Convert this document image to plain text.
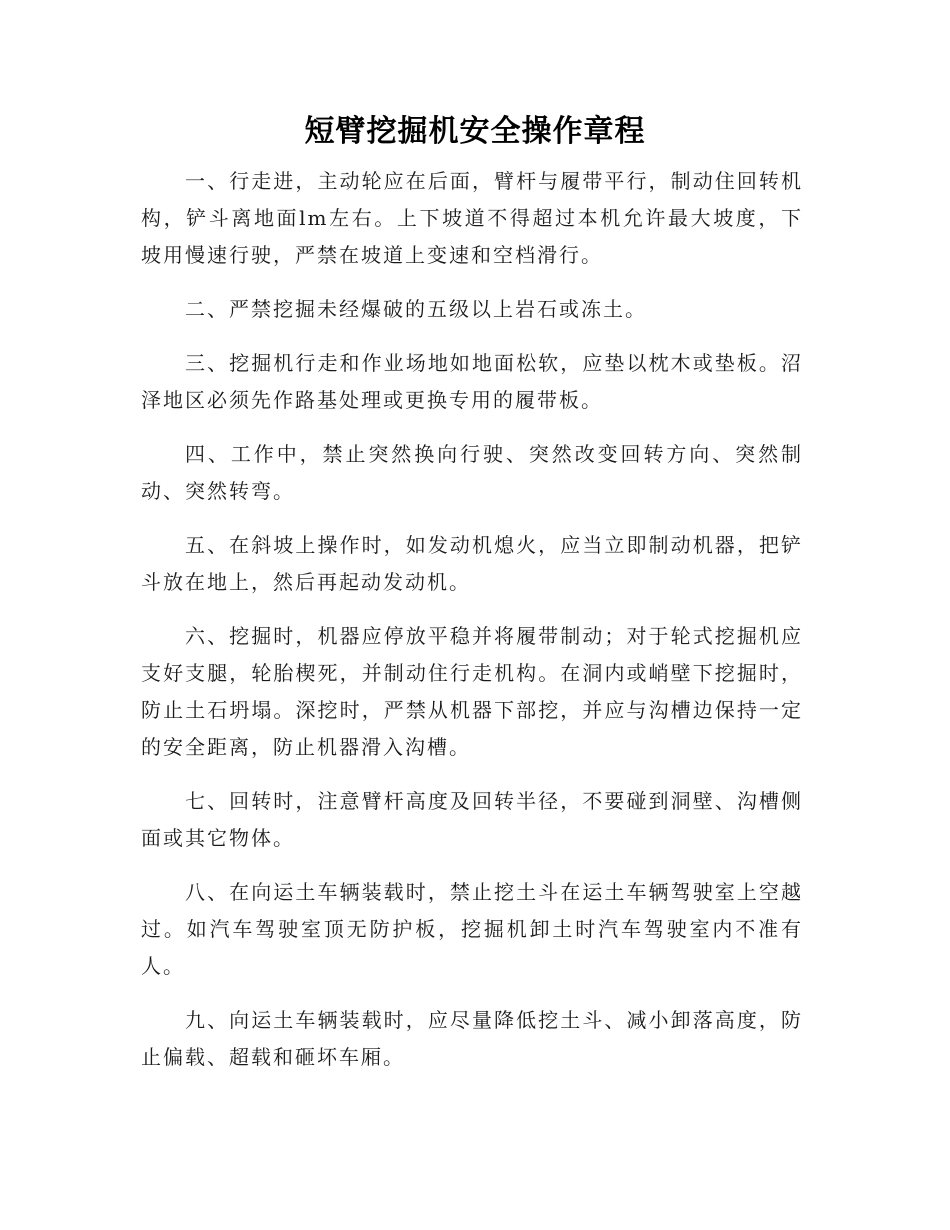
短臂挖掘机安全操作章程

一、行走进，主动轮应在后面，臂杆与履带平行，制动住回转机构，铲斗离地面lm左右。上下坡道不得超过本机允许最大坡度，下坡用慢速行驶，严禁在坡道上变速和空档滑行。

二、严禁挖掘未经爆破的五级以上岩石或冻土。

三、挖掘机行走和作业场地如地面松软，应垫以枕木或垫板。沼泽地区必须先作路基处理或更换专用的履带板。

四、工作中，禁止突然换向行驶、突然改变回转方向、突然制动、突然转弯。

五、在斜坡上操作时，如发动机熄火，应当立即制动机器，把铲斗放在地上，然后再起动发动机。

六、挖掘时，机器应停放平稳并将履带制动；对于轮式挖掘机应支好支腿，轮胎楔死，并制动住行走机构。在洞内或峭壁下挖掘时，防止土石坍塌。深挖时，严禁从机器下部挖，并应与沟槽边保持一定的安全距离，防止机器滑入沟槽。

七、回转时，注意臂杆高度及回转半径，不要碰到洞壁、沟槽侧面或其它物体。

八、在向运土车辆装载时，禁止挖土斗在运土车辆驾驶室上空越过。如汽车驾驶室顶无防护板，挖掘机卸土时汽车驾驶室内不准有人。

九、向运土车辆装载时，应尽量降低挖土斗、减小卸落高度，防止偏载、超载和砸坏车厢。
